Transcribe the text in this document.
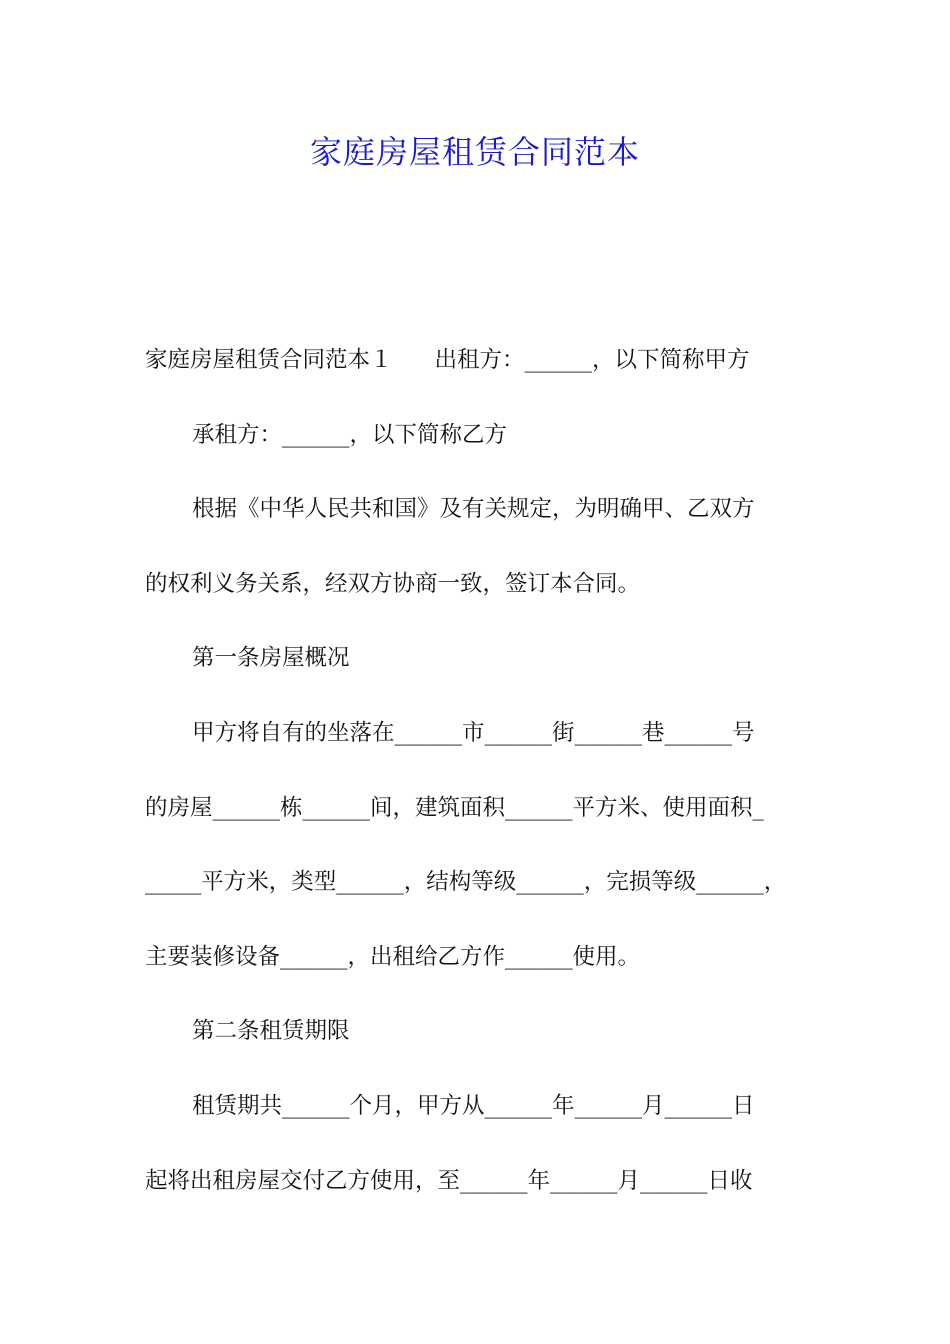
家庭房屋租赁合同范本
家庭房屋租赁合同范本１ 出租方：______，以下简称甲方
承租方：______，以下简称乙方
根据《中华人民共和国》及有关规定，为明确甲、乙双方
的权利义务关系，经双方协商一致，签订本合同。
第一条房屋概况
甲方将自有的坐落在______市______街______巷______号
的房屋______栋______间，建筑面积______平方米、使用面积_
_____平方米，类型______，结构等级______，完损等级______，
主要装修设备______，出租给乙方作______使用。
第二条租赁期限
租赁期共______个月，甲方从______年______月______日
起将出租房屋交付乙方使用，至______年______月______日收
